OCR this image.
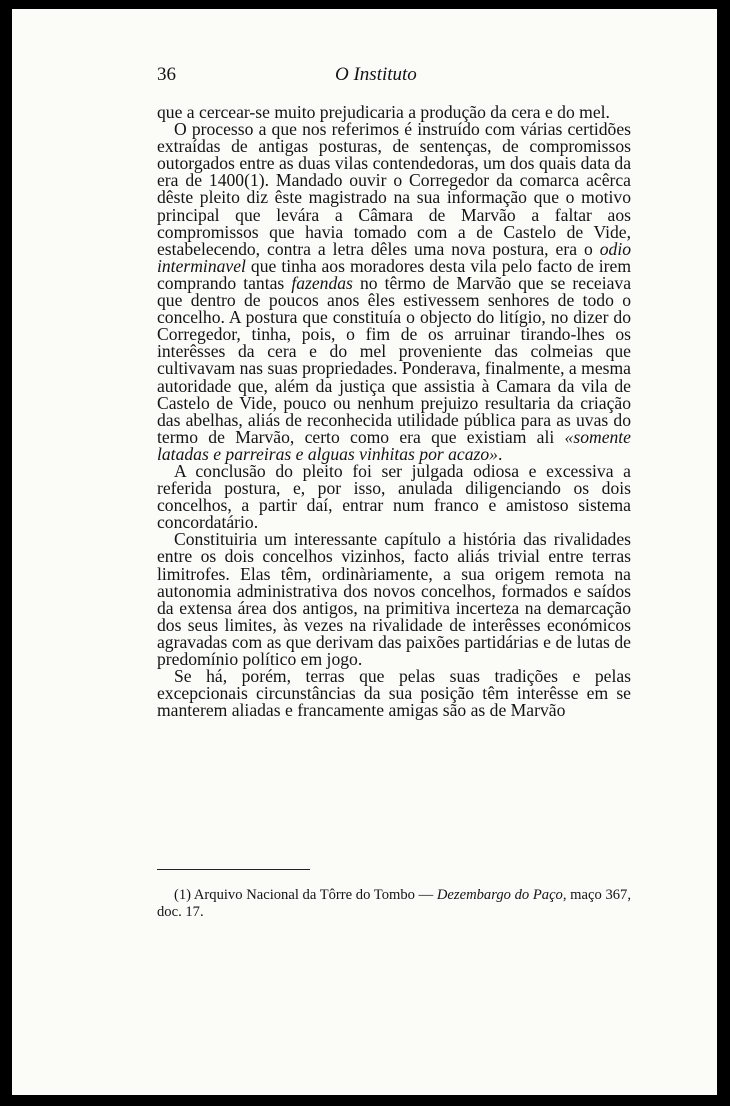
36	O Instituto

que a cercear-se muito prejudicaria a produção da cera e do mel.

O processo a que nos referimos é instruído com várias certidões extraídas de antigas posturas, de sentenças, de compromissos outorgados entre as duas vilas contendedoras, um dos quais data da era de 1400(1). Mandado ouvir o Corregedor da comarca acêrca dêste pleito diz êste magistrado na sua informação que o motivo principal que levára a Câmara de Marvão a faltar aos compromissos que havia tomado com a de Castelo de Vide, estabelecendo, contra a letra dêles uma nova postura, era o odio interminavel que tinha aos moradores desta vila pelo facto de irem comprando tantas fazendas no têrmo de Marvão que se receiava que dentro de poucos anos êles estivessem senhores de todo o concelho. A postura que constituía o objecto do litígio, no dizer do Corregedor, tinha, pois, o fim de os arruinar tirando-lhes os interêsses da cera e do mel proveniente das colmeias que cultivavam nas suas propriedades. Ponderava, finalmente, a mesma autoridade que, além da justiça que assistia à Camara da vila de Castelo de Vide, pouco ou nenhum prejuizo resultaria da criação das abelhas, aliás de reconhecida utilidade pública para as uvas do termo de Marvão, certo como era que existiam ali «somente latadas e parreiras e alguas vinhitas por acazo».

A conclusão do pleito foi ser julgada odiosa e excessiva a referida postura, e, por isso, anulada diligenciando os dois concelhos, a partir daí, entrar num franco e amistoso sistema concordatário.

Constituiria um interessante capítulo a história das rivalidades entre os dois concelhos vizinhos, facto aliás trivial entre terras limitrofes. Elas têm, ordinàriamente, a sua origem remota na autonomia administrativa dos novos concelhos, formados e saídos da extensa área dos antigos, na primitiva incerteza na demarcação dos seus limites, às vezes na rivalidade de interêsses económicos agravadas com as que derivam das paixões partidárias e de lutas de predomínio político em jogo.

Se há, porém, terras que pelas suas tradições e pelas excepcionais circunstâncias da sua posição têm interêsse em se manterem aliadas e francamente amigas são as de Marvão

(1) Arquivo Nacional da Tôrre do Tombo — Dezembargo do Paço, maço 367, doc. 17.
